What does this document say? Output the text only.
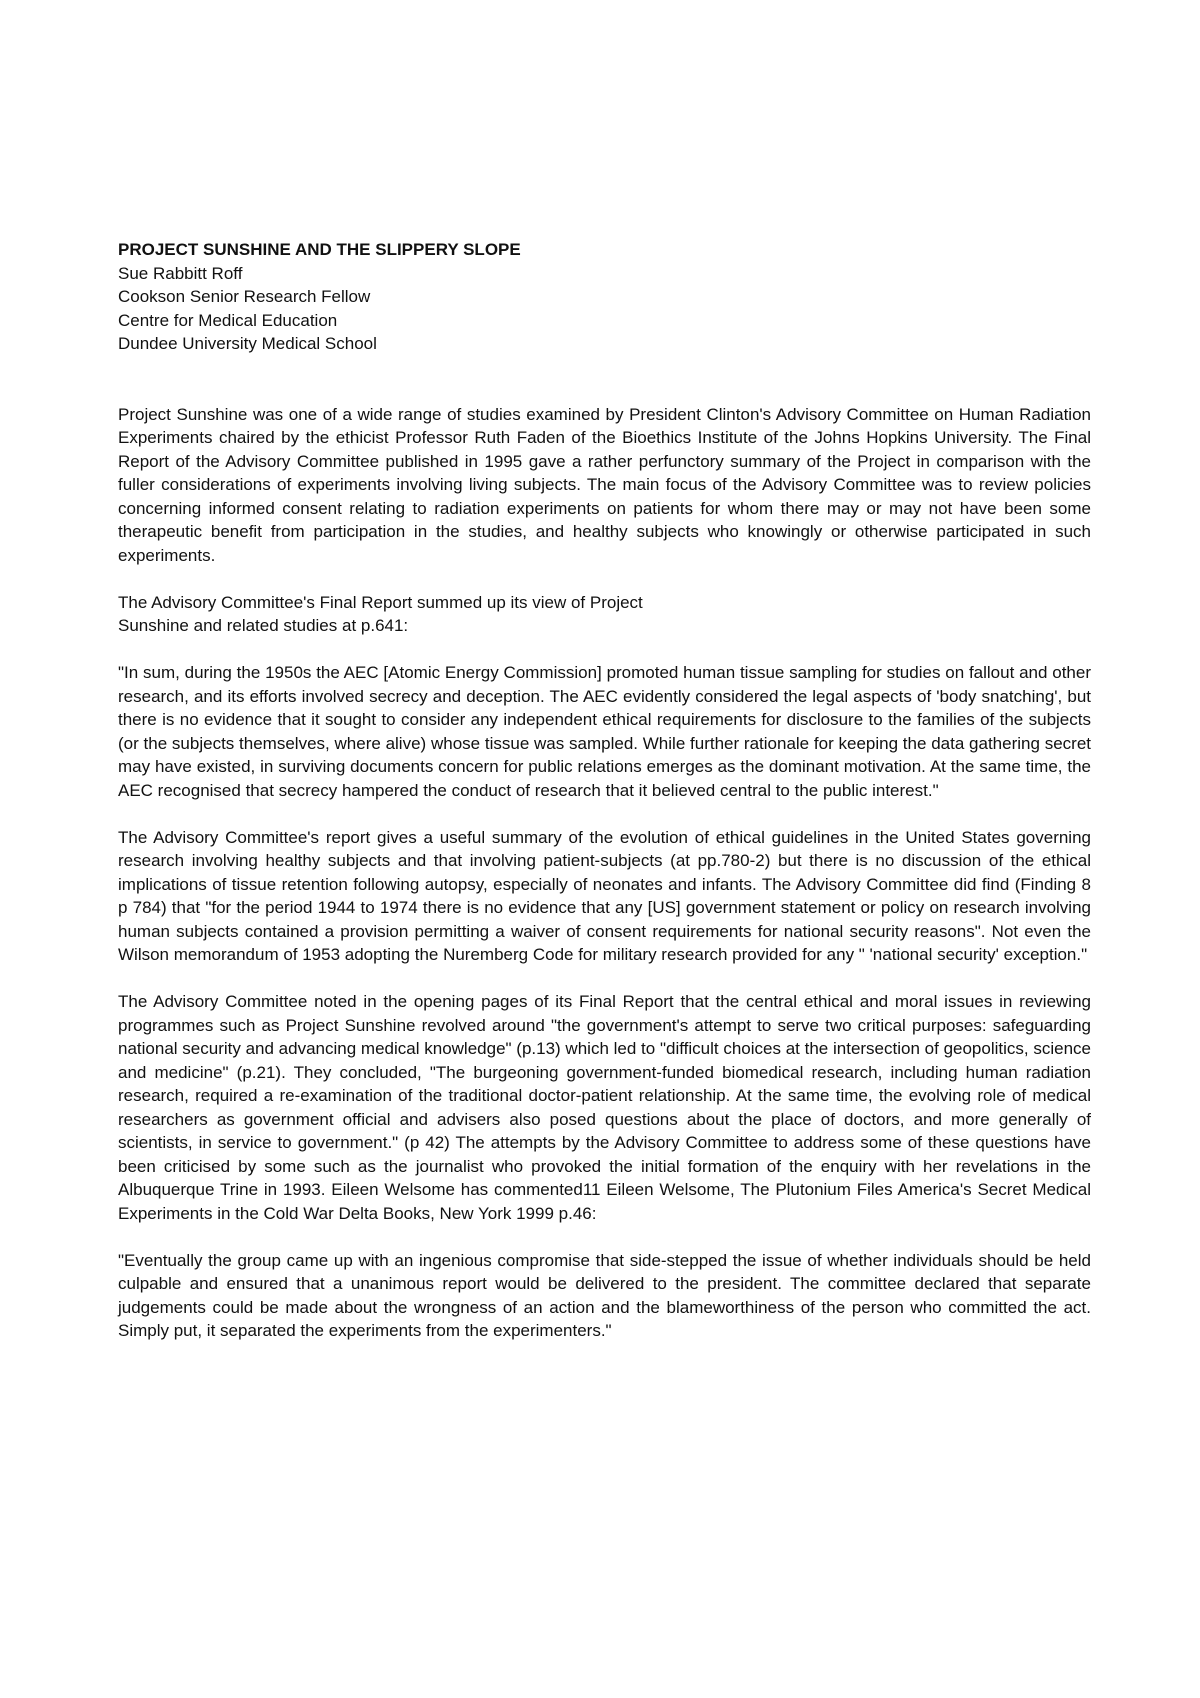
PROJECT SUNSHINE AND THE SLIPPERY SLOPE

Sue Rabbitt Roff

Cookson Senior Research Fellow

Centre for Medical Education

Dundee University Medical School

Project Sunshine was one of a wide range of studies examined by President Clinton's Advisory Committee on Human Radiation Experiments chaired by the ethicist Professor Ruth Faden of the Bioethics Institute of the Johns Hopkins University. The Final Report of the Advisory Committee published in 1995 gave a rather perfunctory summary of the Project in comparison with the fuller considerations of experiments involving living subjects. The main focus of the Advisory Committee was to review policies concerning informed consent relating to radiation experiments on patients for whom there may or may not have been some therapeutic benefit from participation in the studies, and healthy subjects who knowingly or otherwise participated in such experiments.

The Advisory Committee's Final Report summed up its view of Project
Sunshine and related studies at p.641:

"In sum, during the 1950s the AEC [Atomic Energy Commission] promoted human tissue sampling for studies on fallout and other research, and its efforts involved secrecy and deception. The AEC evidently considered the legal aspects of 'body snatching', but there is no evidence that it sought to consider any independent ethical requirements for disclosure to the families of the subjects (or the subjects themselves, where alive) whose tissue was sampled. While further rationale for keeping the data gathering secret may have existed, in surviving documents concern for public relations emerges as the dominant motivation. At the same time, the AEC recognised that secrecy hampered the conduct of research that it believed central to the public interest."

The Advisory Committee's report gives a useful summary of the evolution of ethical guidelines in the United States governing research involving healthy subjects and that involving patient-subjects (at pp.780-2) but there is no discussion of the ethical implications of tissue retention following autopsy, especially of neonates and infants. The Advisory Committee did find (Finding 8 p 784) that "for the period 1944 to 1974 there is no evidence that any [US] government statement or policy on research involving human subjects contained a provision permitting a waiver of consent requirements for national security reasons". Not even the Wilson memorandum of 1953 adopting the Nuremberg Code for military research provided for any " 'national security' exception."

The Advisory Committee noted in the opening pages of its Final Report that the central ethical and moral issues in reviewing programmes such as Project Sunshine revolved around "the government's attempt to serve two critical purposes: safeguarding national security and advancing medical knowledge" (p.13) which led to "difficult choices at the intersection of geopolitics, science and medicine" (p.21). They concluded, "The burgeoning government-funded biomedical research, including human radiation research, required a re-examination of the traditional doctor-patient relationship. At the same time, the evolving role of medical researchers as government official and advisers also posed questions about the place of doctors, and more generally of scientists, in service to government." (p 42) The attempts by the Advisory Committee to address some of these questions have been criticised by some such as the journalist who provoked the initial formation of the enquiry with her revelations in the Albuquerque Trine in 1993. Eileen Welsome has commented11 Eileen Welsome, The Plutonium Files America's Secret Medical Experiments in the Cold War Delta Books, New York 1999 p.46:

"Eventually the group came up with an ingenious compromise that side-stepped the issue of whether individuals should be held culpable and ensured that a unanimous report would be delivered to the president. The committee declared that separate judgements could be made about the wrongness of an action and the blameworthiness of the person who committed the act. Simply put, it separated the experiments from the experimenters."
